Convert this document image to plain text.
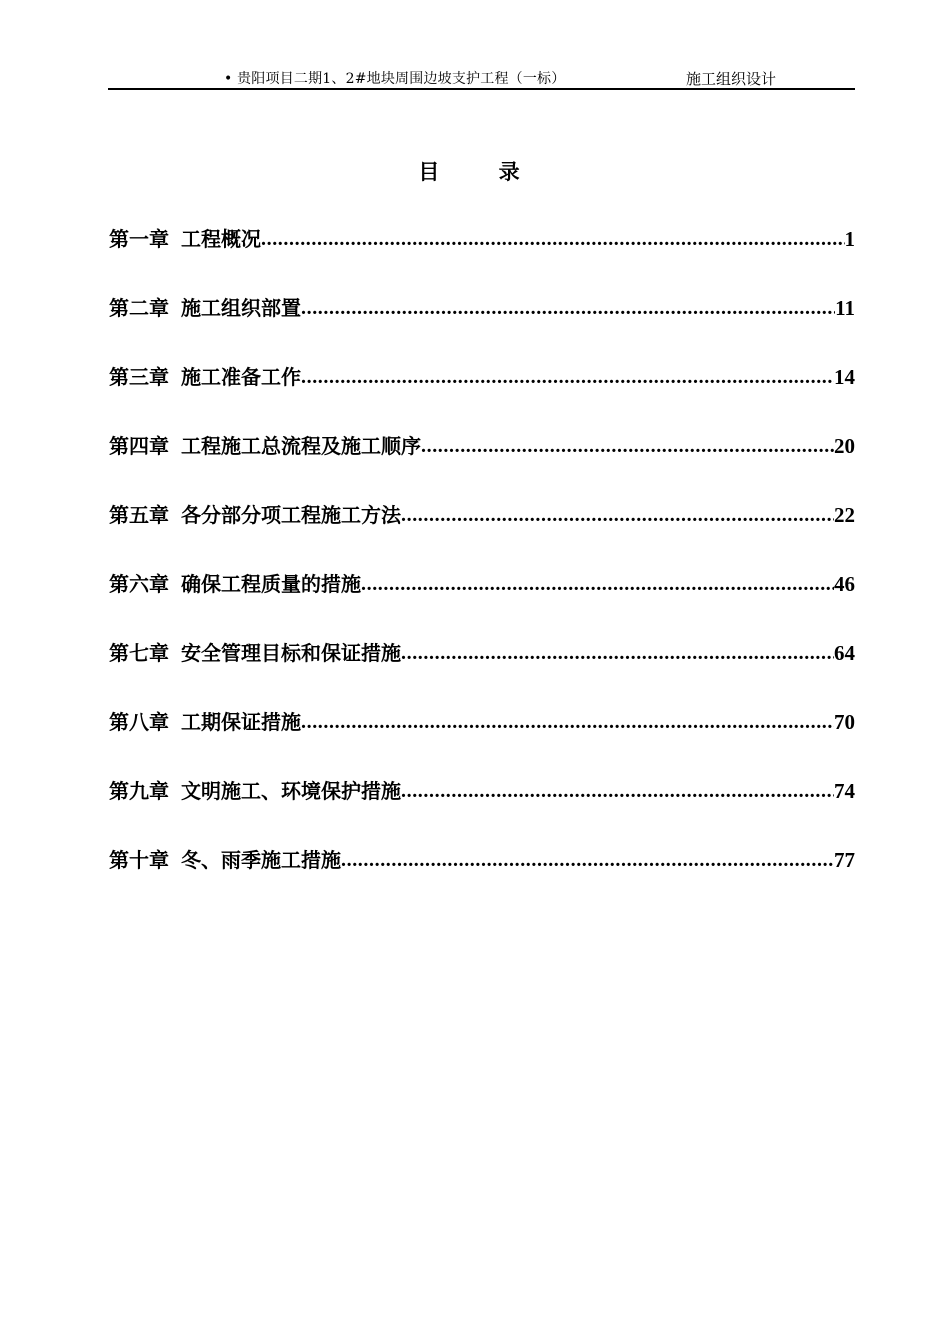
• 贵阳项目二期1、2#地块周围边坡支护工程（一标）	施工组织设计
目 录
第一章 工程概况 .....	1
第二章 施工组织部置 .....	11
第三章 施工准备工作 .....	14
第四章 工程施工总流程及施工顺序 .....	20
第五章 各分部分项工程施工方法 .....	22
第六章 确保工程质量的措施 .....	46
第七章 安全管理目标和保证措施 .....	64
第八章 工期保证措施 .....	70
第九章 文明施工、环境保护措施 .....	74
第十章 冬、雨季施工措施 .....	77
